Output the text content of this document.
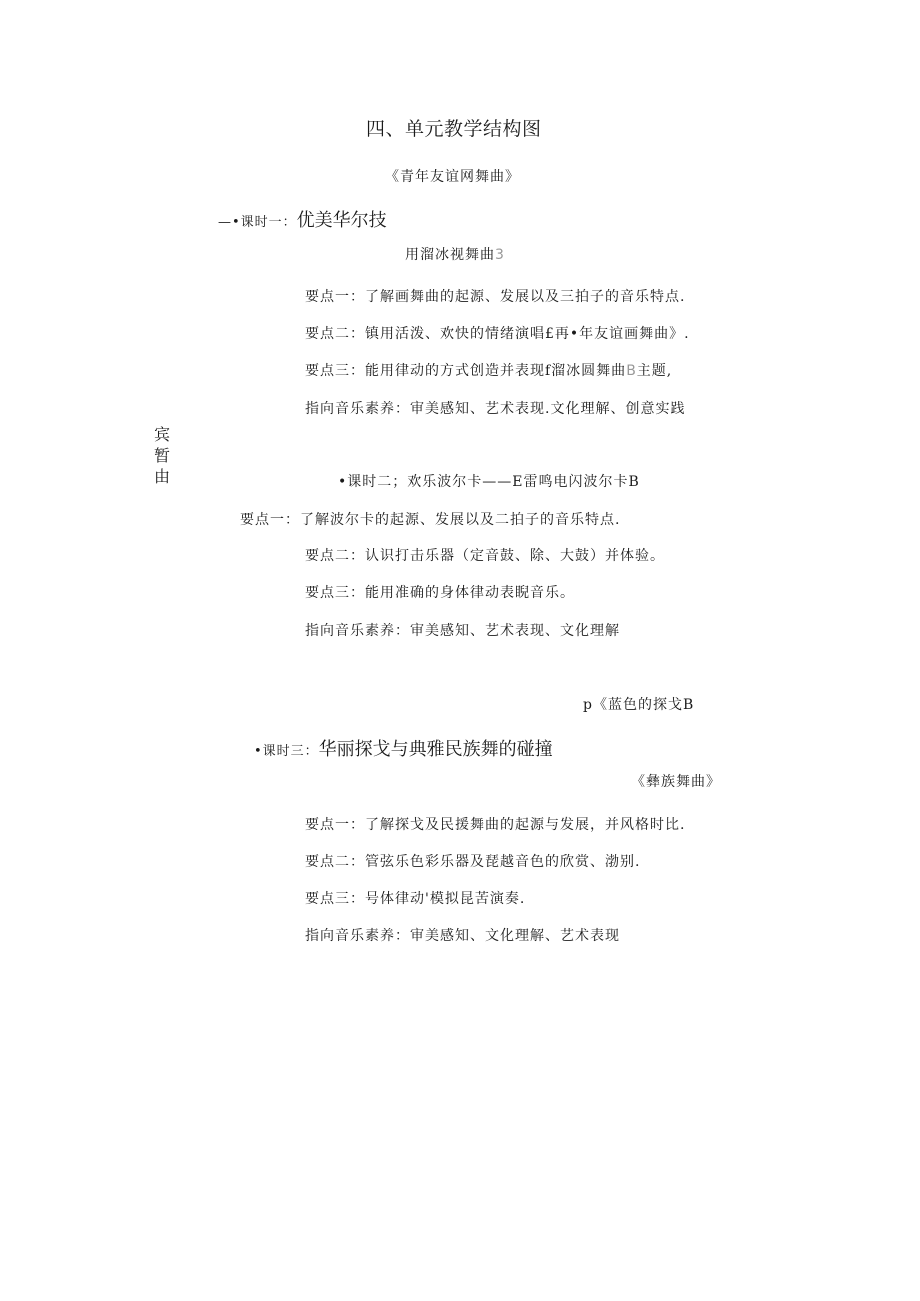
四、单元教学结构图
《青年友谊网舞曲》
宾暂由
—•课时一：优美华尔技
用溜冰视舞曲3
要点一：了解画舞曲的起源、发展以及三拍子的音乐特点.
要点二：镇用活泼、欢快的情绪演唱£再•年友谊画舞曲》.
要点三：能用律动的方式创造并表现f溜冰圆舞曲B主题,
指向音乐素养：审美感知、艺术表现.文化理解、创意实践
•课时二；欢乐波尔卡——E雷鸣电闪波尔卡B
要点一：了解波尔卡的起源、发展以及二拍子的音乐特点.
要点二：认识打击乐器（定音鼓、除、大鼓）并体验。
要点三：能用准确的身体律动表睨音乐。
指向音乐素养：审美感知、艺术表现、文化理解
p《蓝色的探戈B
•课时三：华丽探戈与典雅民族舞的碰撞
《彝族舞曲》
要点一：了解探戈及民援舞曲的起源与发展，并风格时比.
要点二：管弦乐色彩乐器及琵越音色的欣赏、渤别.
要点三：号体律动'模拟昆苦演奏.
指向音乐素养：审美感知、文化理解、艺术表现
